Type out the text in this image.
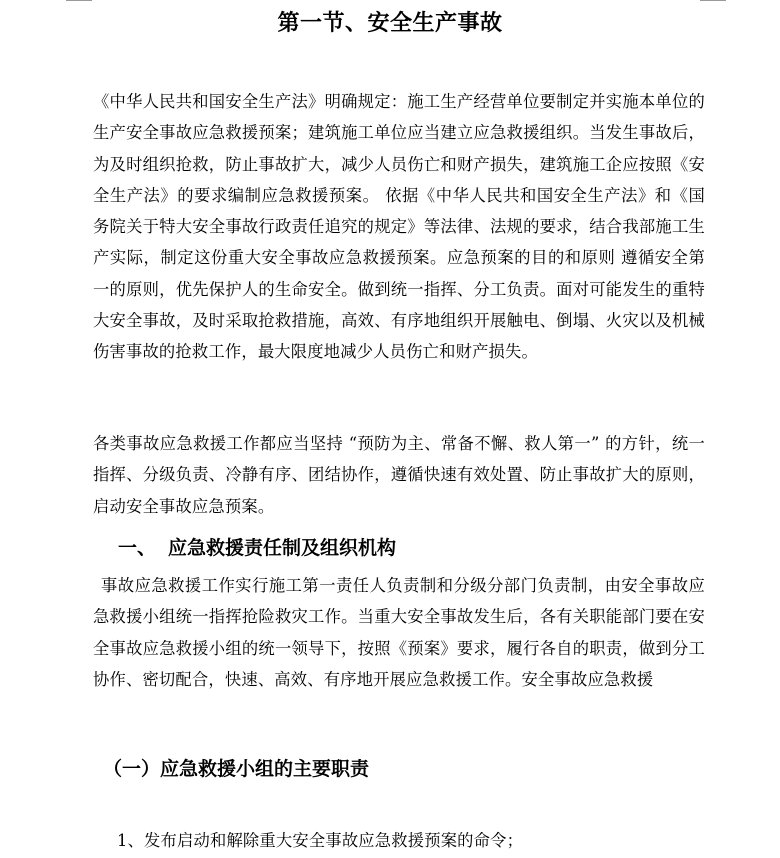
第一节、安全生产事故

《中华人民共和国安全生产法》明确规定：施工生产经营单位要制定并实施本单位的生产安全事故应急救援预案；建筑施工单位应当建立应急救援组织。当发生事故后，为及时组织抢救，防止事故扩大，减少人员伤亡和财产损失，建筑施工企应按照《安全生产法》的要求编制应急救援预案。 依据《中华人民共和国安全生产法》和《国务院关于特大安全事故行政责任追究的规定》等法律、法规的要求，结合我部施工生产实际，制定这份重大安全事故应急救援预案。应急预案的目的和原则 遵循安全第一的原则，优先保护人的生命安全。做到统一指挥、分工负责。面对可能发生的重特大安全事故，及时采取抢救措施，高效、有序地组织开展触电、倒塌、火灾以及机械伤害事故的抢救工作，最大限度地减少人员伤亡和财产损失。

各类事故应急救援工作都应当坚持 “预防为主、常备不懈、救人第一” 的方针，统一指挥、分级负责、冷静有序、团结协作，遵循快速有效处置、防止事故扩大的原则，启动安全事故应急预案。

一、 应急救援责任制及组织机构

事故应急救援工作实行施工第一责任人负责制和分级分部门负责制，由安全事故应急救援小组统一指挥抢险救灾工作。当重大安全事故发生后，各有关职能部门要在安全事故应急救援小组的统一领导下，按照《预案》要求，履行各自的职责，做到分工协作、密切配合，快速、高效、有序地开展应急救援工作。安全事故应急救援

（一）应急救援小组的主要职责
1、发布启动和解除重大安全事故应急救援预案的命令；
